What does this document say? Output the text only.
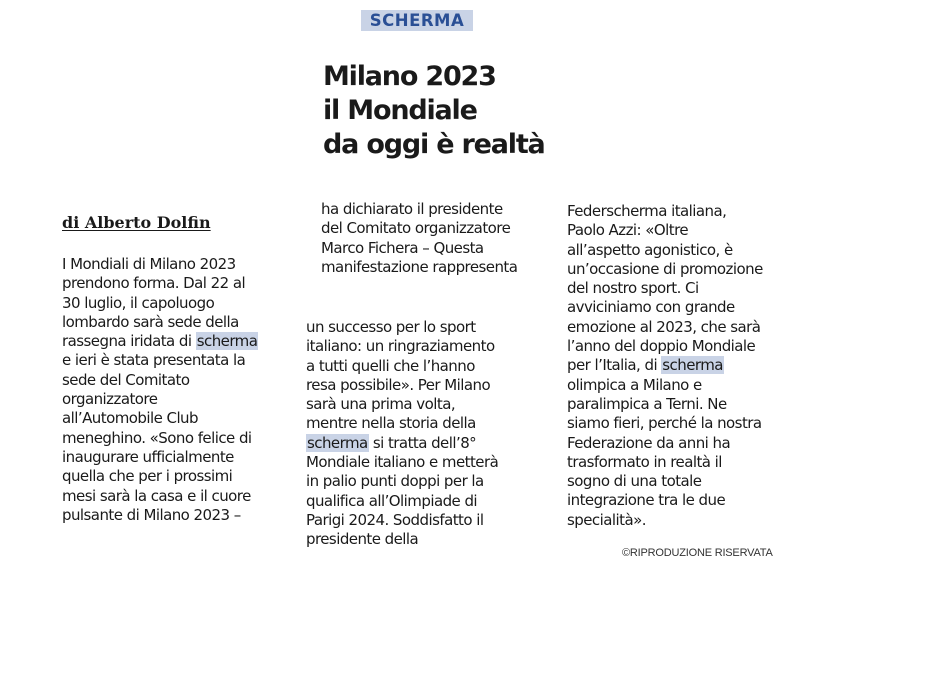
SCHERMA
Milano 2023
il Mondiale
da oggi è realtà
di Alberto Dolfin
I Mondiali di Milano 2023
prendono forma. Dal 22 al
30 luglio, il capoluogo
lombardo sarà sede della
rassegna iridata di scherma
e ieri è stata presentata la
sede del Comitato
organizzatore
all’Automobile Club
meneghino. «Sono felice di
inaugurare ufficialmente
quella che per i prossimi
mesi sarà la casa e il cuore
pulsante di Milano 2023 –
ha dichiarato il presidente
del Comitato organizzatore
Marco Fichera – Questa
manifestazione rappresenta
un successo per lo sport
italiano: un ringraziamento
a tutti quelli che l’hanno
resa possibile». Per Milano
sarà una prima volta,
mentre nella storia della
scherma si tratta dell’8°
Mondiale italiano e metterà
in palio punti doppi per la
qualifica all’Olimpiade di
Parigi 2024. Soddisfatto il
presidente della
Federscherma italiana,
Paolo Azzi: «Oltre
all’aspetto agonistico, è
un’occasione di promozione
del nostro sport. Ci
avviciniamo con grande
emozione al 2023, che sarà
l’anno del doppio Mondiale
per l’Italia, di scherma
olimpica a Milano e
paralimpica a Terni. Ne
siamo fieri, perché la nostra
Federazione da anni ha
trasformato in realtà il
sogno di una totale
integrazione tra le due
specialità».
©RIPRODUZIONE RISERVATA
